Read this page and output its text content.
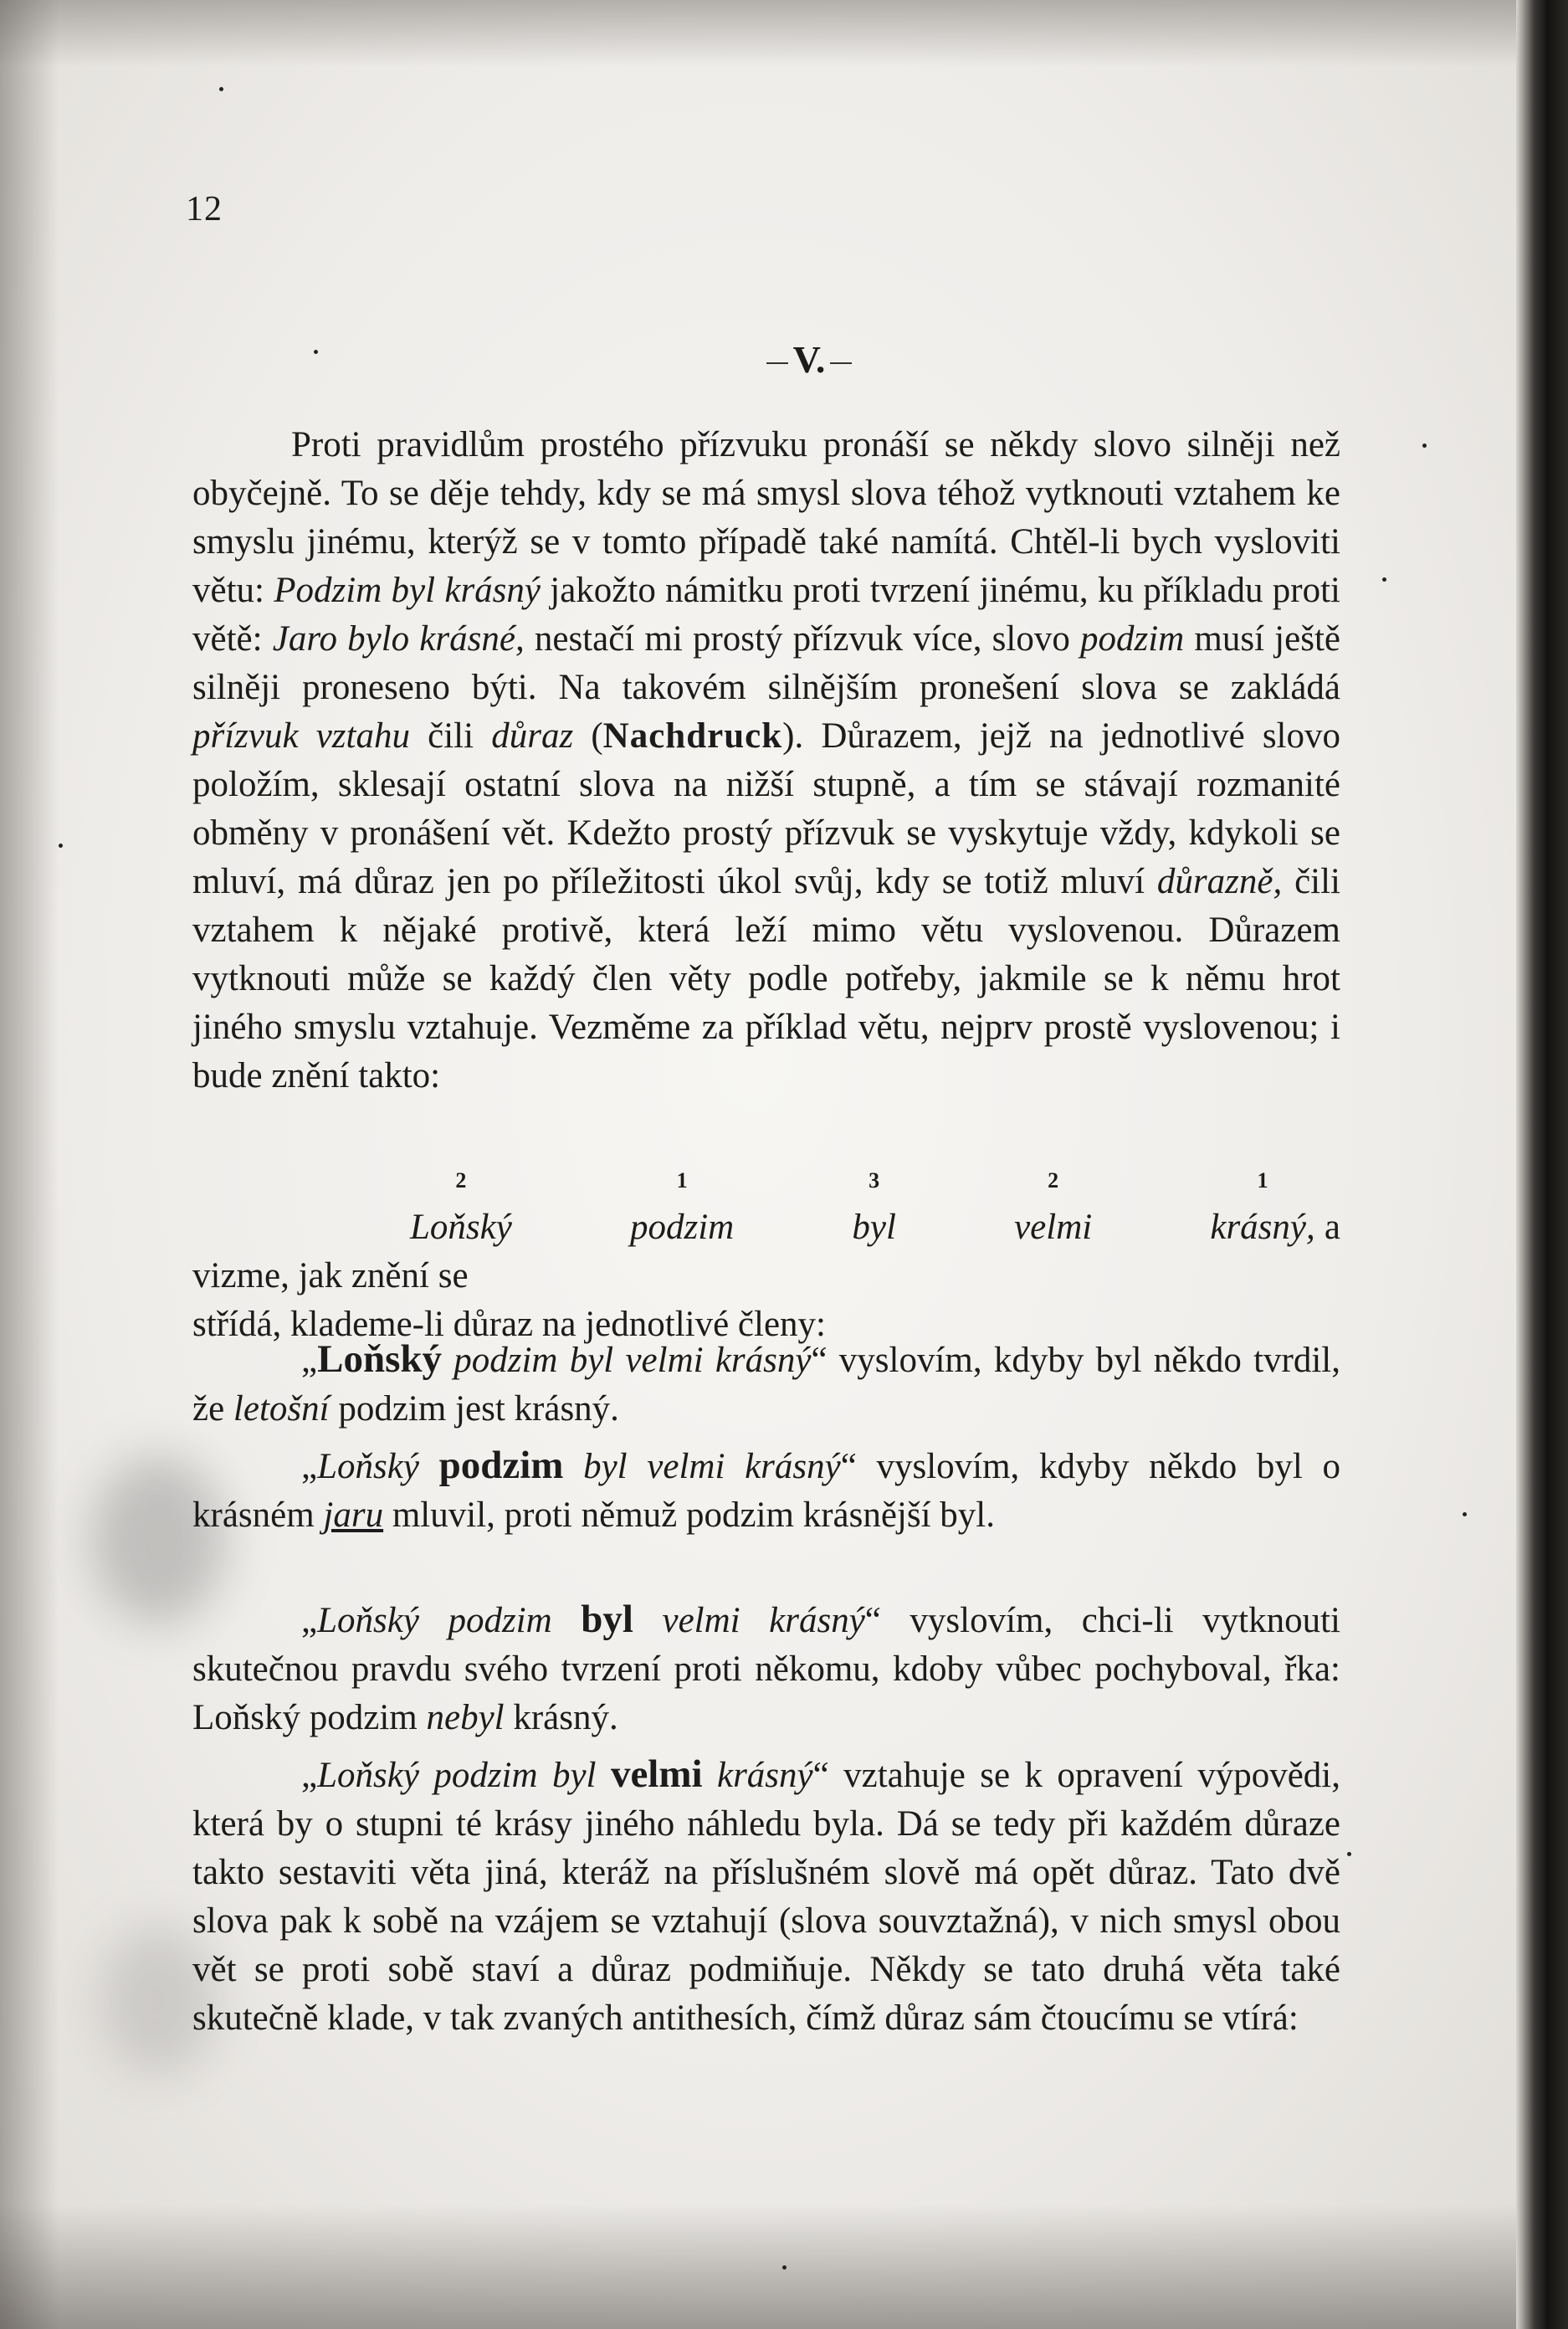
12

V.

Proti pravidlům prostého přízvuku pronáší se někdy slovo silněji než obyčejně. To se děje tehdy, kdy se má smysl slova téhož vytknouti vztahem ke smyslu jinému, kterýž se v tomto případě také namítá. Chtěl-li bych vysloviti větu: Podzim byl krásný jakožto námitku proti tvrzení jinému, ku příkladu proti větě: Jaro bylo krásné, nestačí mi prostý přízvuk více, slovo podzim musí ještě silněji proneseno býti. Na takovém silnějším pronešení slova se zakládá přízvuk vztahu čili důraz (Nachdruck). Důrazem, jejž na jednotlivé slovo položím, sklesají ostatní slova na nižší stupně, a tím se stávají rozmanité obměny v pronášení vět. Kdežto prostý přízvuk se vyskytuje vždy, kdykoli se mluví, má důraz jen po příležitosti úkol svůj, kdy se totiž mluví důrazně, čili vztahem k nějaké protivě, která leží mimo větu vyslovenou. Důrazem vytknouti může se každý člen věty podle potřeby, jakmile se k němu hrot jiného smyslu vztahuje. Vezměme za příklad větu, nejprv prostě vyslovenou; i bude znění takto:

2
Loňský
1
podzim
3
byl
2
velmi
1
krásný, a vizme, jak znění se
střídá, klademe-li důraz na jednotlivé členy:

„Loňský podzim byl velmi krásný“ vyslovím, kdyby byl někdo tvrdil, že letošní podzim jest krásný.

„Loňský podzim byl velmi krásný“ vyslovím, kdyby někdo byl o krásném jaru mluvil, proti němuž podzim krásnější byl.

„Loňský podzim byl velmi krásný“ vyslovím, chci-li vytknouti skutečnou pravdu svého tvrzení proti někomu, kdoby vůbec pochyboval, řka: Loňský podzim nebyl krásný.

„Loňský podzim byl velmi krásný“ vztahuje se k opravení výpovědi, která by o stupni té krásy jiného náhledu byla. Dá se tedy při každém důraze takto sestaviti věta jiná, kteráž na příslušném slově má opět důraz. Tato dvě slova pak k sobě na vzájem se vztahují (slova souvztažná), v nich smysl obou vět se proti sobě staví a důraz podmiňuje. Někdy se tato druhá věta také skutečně klade, v tak zvaných antithesích, čímž důraz sám čtoucímu se vtírá:
